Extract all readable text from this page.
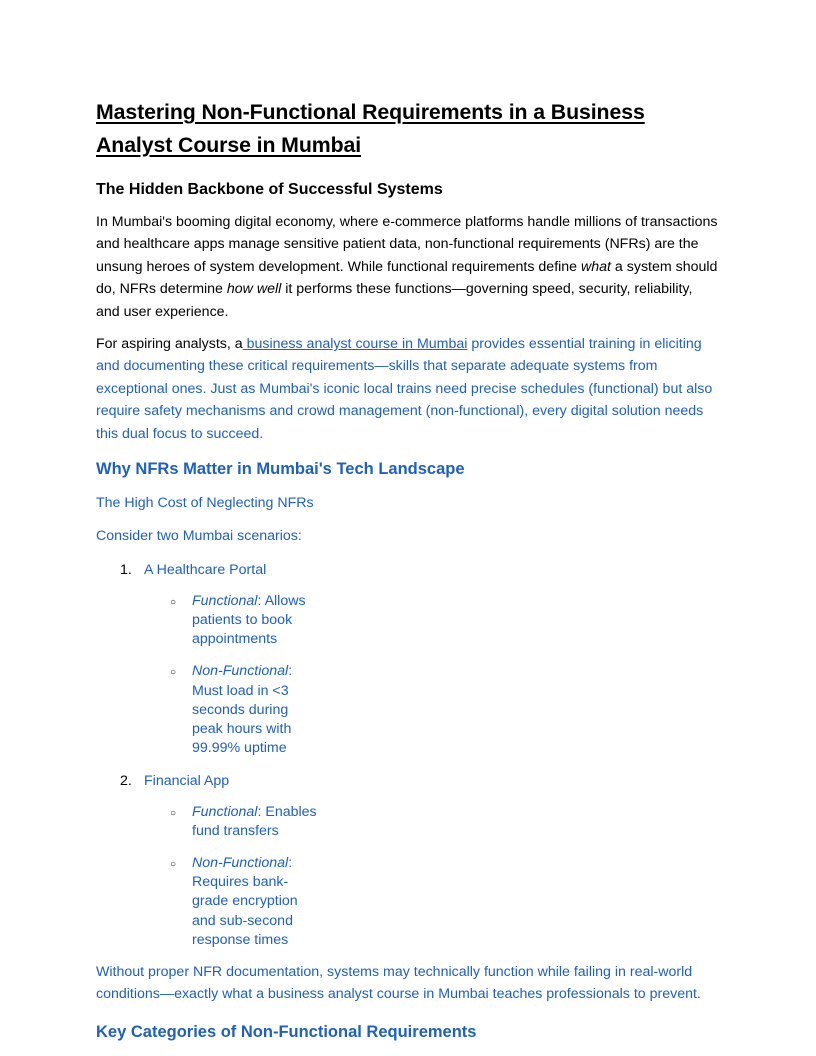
Mastering Non-Functional Requirements in a Business Analyst Course in Mumbai
The Hidden Backbone of Successful Systems

In Mumbai's booming digital economy, where e-commerce platforms handle millions of transactions and healthcare apps manage sensitive patient data, non-functional requirements (NFRs) are the unsung heroes of system development. While functional requirements define what a system should do, NFRs determine how well it performs these functions—governing speed, security, reliability, and user experience.

For aspiring analysts, a business analyst course in Mumbai provides essential training in eliciting and documenting these critical requirements—skills that separate adequate systems from exceptional ones. Just as Mumbai's iconic local trains need precise schedules (functional) but also require safety mechanisms and crowd management (non-functional), every digital solution needs this dual focus to succeed.

Why NFRs Matter in Mumbai's Tech Landscape

The High Cost of Neglecting NFRs

Consider two Mumbai scenarios:

1. A Healthcare Portal
○ Functional: Allows patients to book appointments
○ Non-Functional: Must load in <3 seconds during peak hours with 99.99% uptime
2. Financial App
○ Functional: Enables fund transfers
○ Non-Functional: Requires bank-grade encryption and sub-second response times

Without proper NFR documentation, systems may technically function while failing in real-world conditions—exactly what a business analyst course in Mumbai teaches professionals to prevent.

Key Categories of Non-Functional Requirements
